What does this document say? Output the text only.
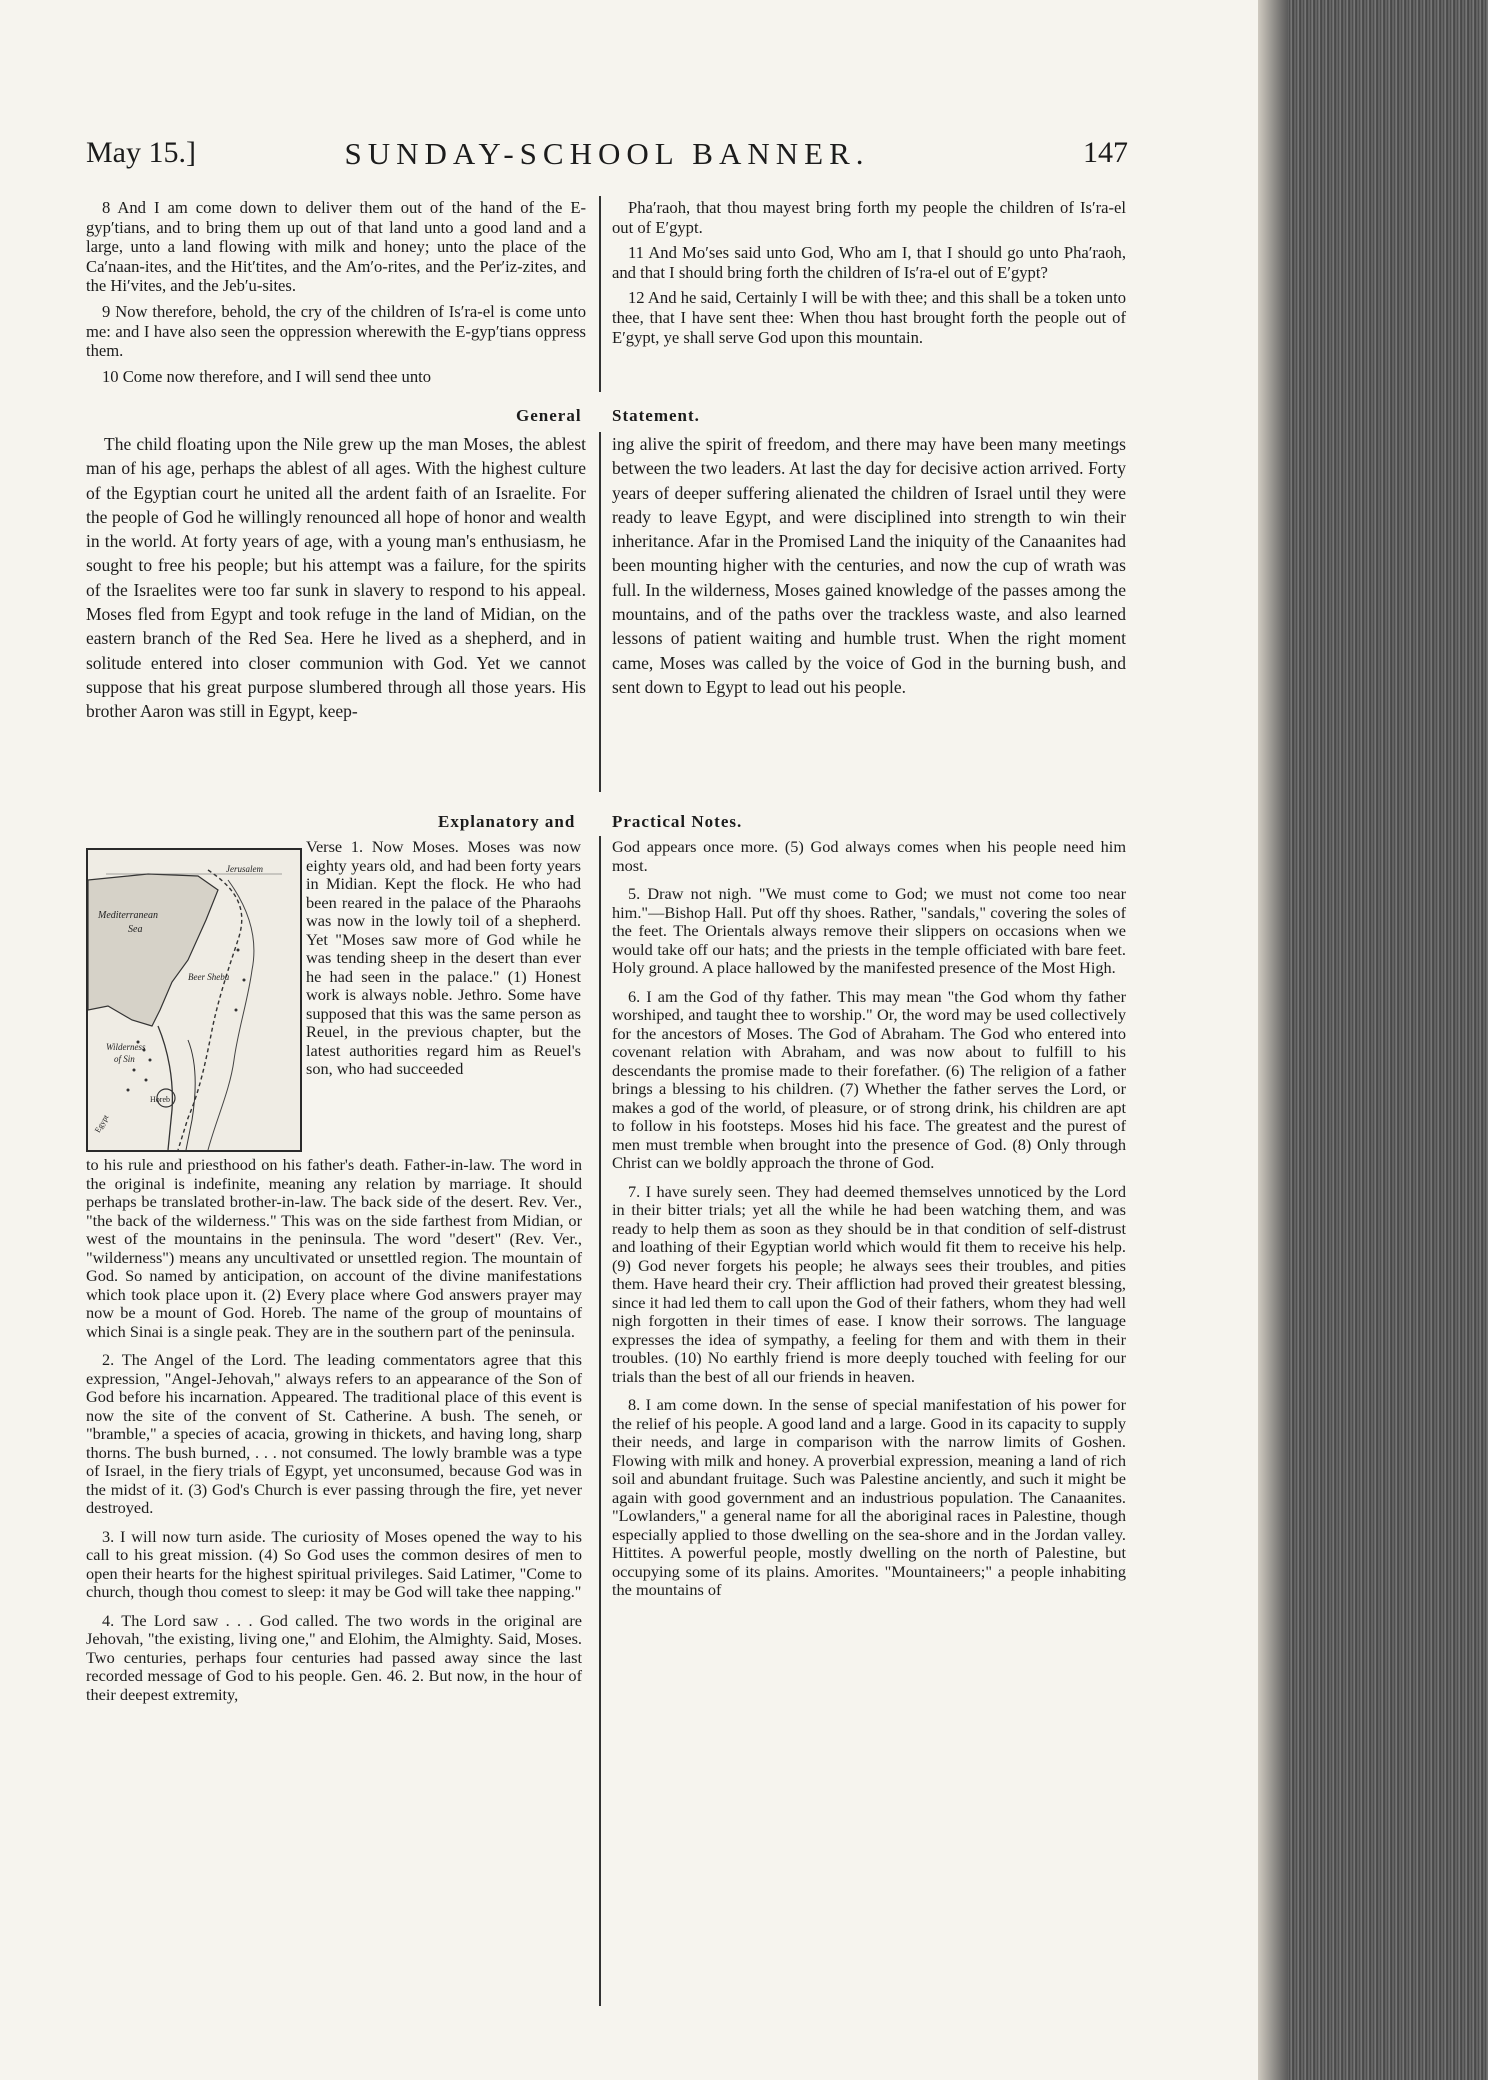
May 15.]	SUNDAY-SCHOOL BANNER.	147

8 And I am come down to deliver them out of the hand of the E-gyp′tians, and to bring them up out of that land unto a good land and a large, unto a land flowing with milk and honey; unto the place of the Ca′naan-ites, and the Hit′tites, and the Am′o-rites, and the Per′iz-zites, and the Hi′vites, and the Jeb′u-sites.

9 Now therefore, behold, the cry of the children of Is′ra-el is come unto me: and I have also seen the oppression wherewith the E-gyp′tians oppress them.

10 Come now therefore, and I will send thee unto

Pha′raoh, that thou mayest bring forth my people the children of Is′ra-el out of E′gypt.

11 And Mo′ses said unto God, Who am I, that I should go unto Pha′raoh, and that I should bring forth the children of Is′ra-el out of E′gypt?

12 And he said, Certainly I will be with thee; and this shall be a token unto thee, that I have sent thee: When thou hast brought forth the people out of E′gypt, ye shall serve God upon this mountain.

General Statement.

The child floating upon the Nile grew up the man Moses, the ablest man of his age, perhaps the ablest of all ages. With the highest culture of the Egyptian court he united all the ardent faith of an Israelite. For the people of God he willingly renounced all hope of honor and wealth in the world. At forty years of age, with a young man's enthusiasm, he sought to free his people; but his attempt was a failure, for the spirits of the Israelites were too far sunk in slavery to respond to his appeal. Moses fled from Egypt and took refuge in the land of Midian, on the eastern branch of the Red Sea. Here he lived as a shepherd, and in solitude entered into closer communion with God. Yet we cannot suppose that his great purpose slumbered through all those years. His brother Aaron was still in Egypt, keep-

ing alive the spirit of freedom, and there may have been many meetings between the two leaders. At last the day for decisive action arrived. Forty years of deeper suffering alienated the children of Israel until they were ready to leave Egypt, and were disciplined into strength to win their inheritance. Afar in the Promised Land the iniquity of the Canaanites had been mounting higher with the centuries, and now the cup of wrath was full. In the wilderness, Moses gained knowledge of the passes among the mountains, and of the paths over the trackless waste, and also learned lessons of patient waiting and humble trust. When the right moment came, Moses was called by the voice of God in the burning bush, and sent down to Egypt to lead out his people.

Explanatory and Practical Notes.
Jerusalem
Mediterranean
Sea
Beer Sheba
Wilderness
of Sin
Horeb
Egypt

Verse 1. Now Moses. Moses was now eighty years old, and had been forty years in Midian. Kept the flock. He who had been reared in the palace of the Pharaohs was now in the lowly toil of a shepherd. Yet "Moses saw more of God while he was tending sheep in the desert than ever he had seen in the palace." (1) Honest work is always noble. Jethro. Some have supposed that this was the same person as Reuel, in the previous chapter, but the latest authorities regard him as Reuel's son, who had succeeded

to his rule and priesthood on his father's death. Father-in-law. The word in the original is indefinite, meaning any relation by marriage. It should perhaps be translated brother-in-law. The back side of the desert. Rev. Ver., "the back of the wilderness." This was on the side farthest from Midian, or west of the mountains in the peninsula. The word "desert" (Rev. Ver., "wilderness") means any uncultivated or unsettled region. The mountain of God. So named by anticipation, on account of the divine manifestations which took place upon it. (2) Every place where God answers prayer may now be a mount of God. Horeb. The name of the group of mountains of which Sinai is a single peak. They are in the southern part of the peninsula.

2. The Angel of the Lord. The leading commentators agree that this expression, "Angel-Jehovah," always refers to an appearance of the Son of God before his incarnation. Appeared. The traditional place of this event is now the site of the convent of St. Catherine. A bush. The seneh, or "bramble," a species of acacia, growing in thickets, and having long, sharp thorns. The bush burned, . . . not consumed. The lowly bramble was a type of Israel, in the fiery trials of Egypt, yet unconsumed, because God was in the midst of it. (3) God's Church is ever passing through the fire, yet never destroyed.

3. I will now turn aside. The curiosity of Moses opened the way to his call to his great mission. (4) So God uses the common desires of men to open their hearts for the highest spiritual privileges. Said Latimer, "Come to church, though thou comest to sleep: it may be God will take thee napping."

4. The Lord saw . . . God called. The two words in the original are Jehovah, "the existing, living one," and Elohim, the Almighty. Said, Moses. Two centuries, perhaps four centuries had passed away since the last recorded message of God to his people. Gen. 46. 2. But now, in the hour of their deepest extremity,

God appears once more. (5) God always comes when his people need him most.

5. Draw not nigh. "We must come to God; we must not come too near him."—Bishop Hall. Put off thy shoes. Rather, "sandals," covering the soles of the feet. The Orientals always remove their slippers on occasions when we would take off our hats; and the priests in the temple officiated with bare feet. Holy ground. A place hallowed by the manifested presence of the Most High.

6. I am the God of thy father. This may mean "the God whom thy father worshiped, and taught thee to worship." Or, the word may be used collectively for the ancestors of Moses. The God of Abraham. The God who entered into covenant relation with Abraham, and was now about to fulfill to his descendants the promise made to their forefather. (6) The religion of a father brings a blessing to his children. (7) Whether the father serves the Lord, or makes a god of the world, of pleasure, or of strong drink, his children are apt to follow in his footsteps. Moses hid his face. The greatest and the purest of men must tremble when brought into the presence of God. (8) Only through Christ can we boldly approach the throne of God.

7. I have surely seen. They had deemed themselves unnoticed by the Lord in their bitter trials; yet all the while he had been watching them, and was ready to help them as soon as they should be in that condition of self-distrust and loathing of their Egyptian world which would fit them to receive his help. (9) God never forgets his people; he always sees their troubles, and pities them. Have heard their cry. Their affliction had proved their greatest blessing, since it had led them to call upon the God of their fathers, whom they had well nigh forgotten in their times of ease. I know their sorrows. The language expresses the idea of sympathy, a feeling for them and with them in their troubles. (10) No earthly friend is more deeply touched with feeling for our trials than the best of all our friends in heaven.

8. I am come down. In the sense of special manifestation of his power for the relief of his people. A good land and a large. Good in its capacity to supply their needs, and large in comparison with the narrow limits of Goshen. Flowing with milk and honey. A proverbial expression, meaning a land of rich soil and abundant fruitage. Such was Palestine anciently, and such it might be again with good government and an industrious population. The Canaanites. "Lowlanders," a general name for all the aboriginal races in Palestine, though especially applied to those dwelling on the sea-shore and in the Jordan valley. Hittites. A powerful people, mostly dwelling on the north of Palestine, but occupying some of its plains. Amorites. "Mountaineers;" a people inhabiting the mountains of
